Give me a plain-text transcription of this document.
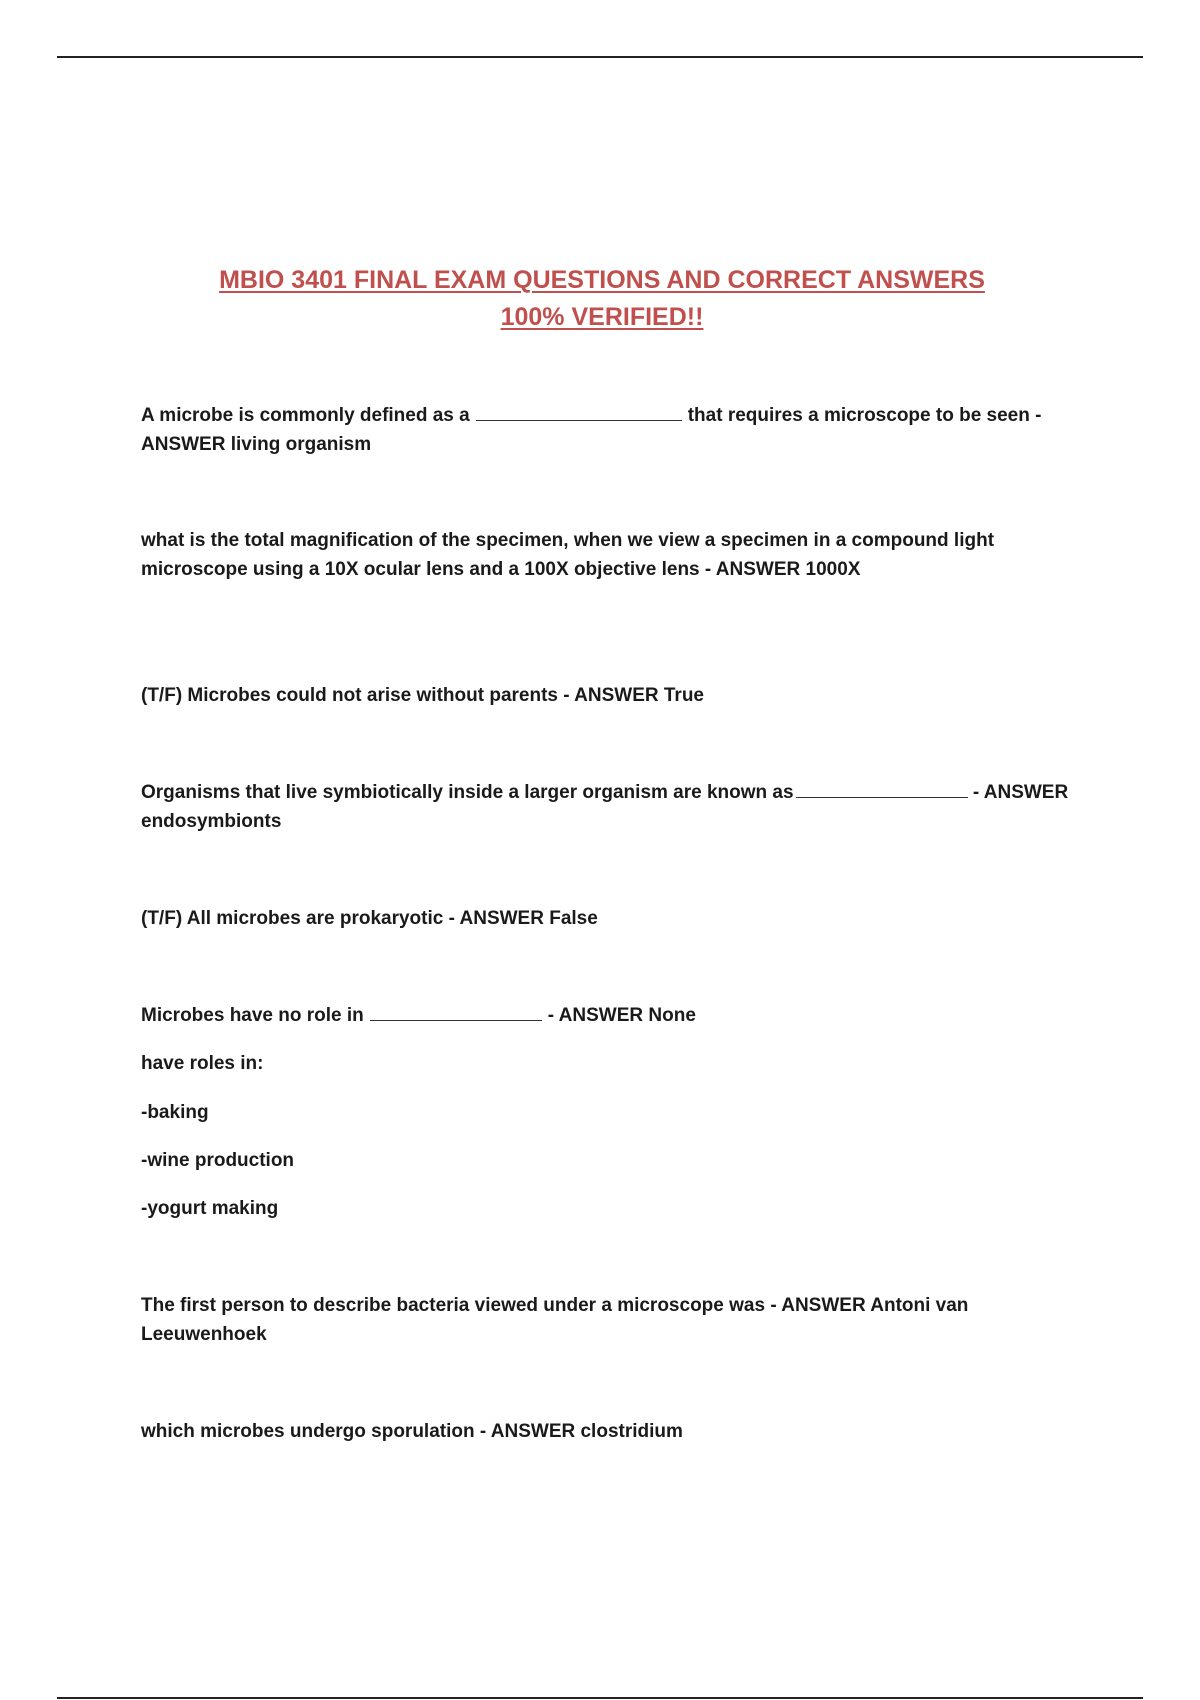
MBIO 3401 FINAL EXAM QUESTIONS AND CORRECT ANSWERS
100% VERIFIED!!

A microbe is commonly defined as a	that requires a microscope to be seen - ANSWER living organism

what is the total magnification of the specimen, when we view a specimen in a compound light microscope using a 10X ocular lens and a 100X objective lens - ANSWER 1000X

(T/F) Microbes could not arise without parents - ANSWER True

Organisms that live symbiotically inside a larger organism are known as	- ANSWER endosymbionts

(T/F) All microbes are prokaryotic - ANSWER False

Microbes have no role in	- ANSWER None

have roles in:

-baking

-wine production

-yogurt making

The first person to describe bacteria viewed under a microscope was - ANSWER Antoni van Leeuwenhoek

which microbes undergo sporulation - ANSWER clostridium
